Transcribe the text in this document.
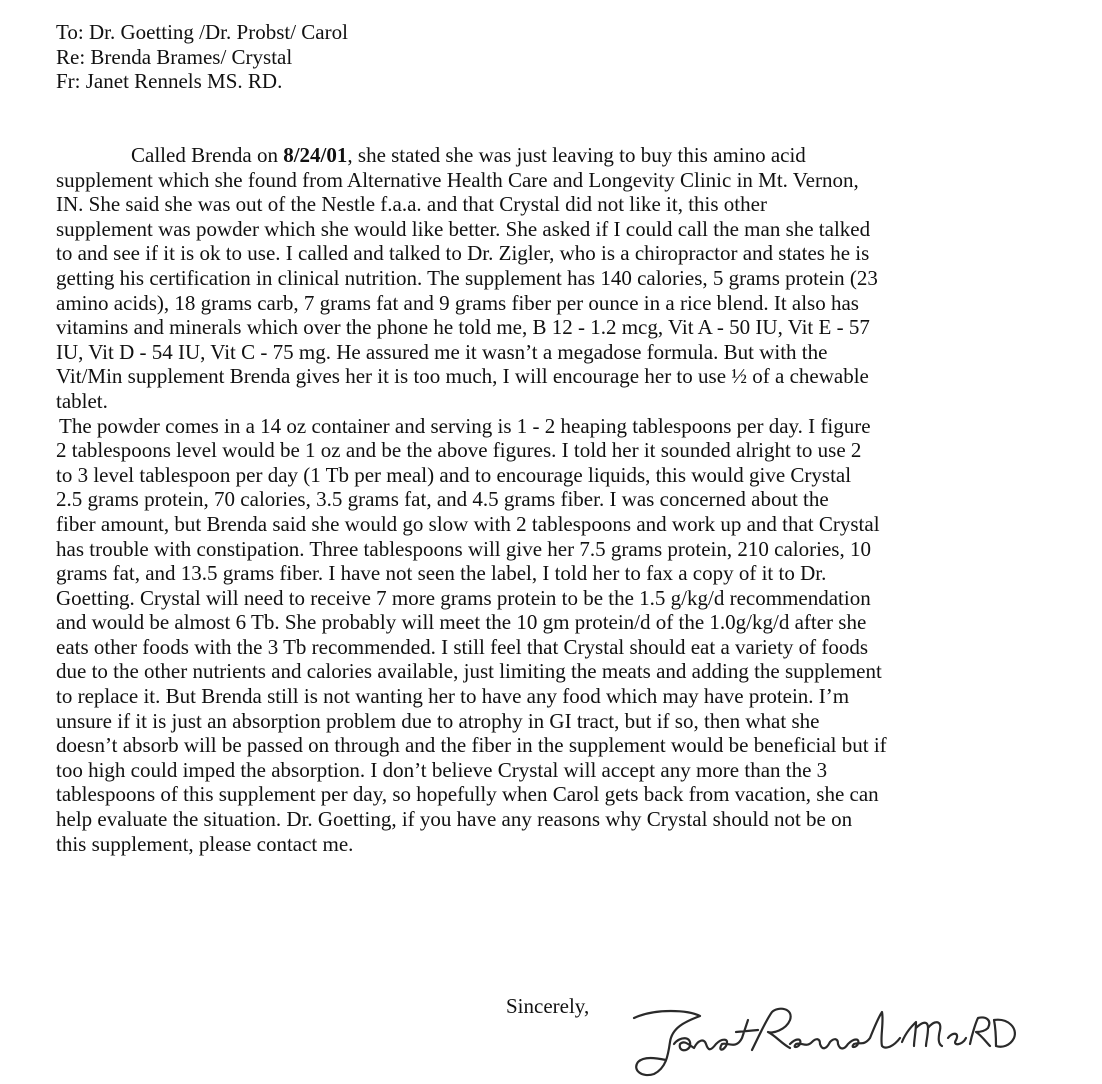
To: Dr. Goetting /Dr. Probst/ Carol
Re: Brenda Brames/ Crystal
Fr: Janet Rennels MS. RD.
Called Brenda on 8/24/01, she stated she was just leaving to buy this amino acid
supplement which she found from Alternative Health Care and Longevity Clinic in Mt. Vernon,
IN. She said she was out of the Nestle f.a.a. and that Crystal did not like it, this other
supplement was powder which she would like better. She asked if I could call the man she talked
to and see if it is ok to use. I called and talked to Dr. Zigler, who is a chiropractor and states he is
getting his certification in clinical nutrition. The supplement has 140 calories, 5 grams protein (23
amino acids), 18 grams carb, 7 grams fat and 9 grams fiber per ounce in a rice blend. It also has
vitamins and minerals which over the phone he told me, B 12 - 1.2 mcg, Vit A - 50 IU, Vit E - 57
IU, Vit D - 54 IU, Vit C - 75 mg. He assured me it wasn’t a megadose formula. But with the
Vit/Min supplement Brenda gives her it is too much, I will encourage her to use ½ of a chewable
tablet.
The powder comes in a 14 oz container and serving is 1 - 2 heaping tablespoons per day. I figure
2 tablespoons level would be 1 oz and be the above figures. I told her it sounded alright to use 2
to 3 level tablespoon per day (1 Tb per meal) and to encourage liquids, this would give Crystal
2.5 grams protein, 70 calories, 3.5 grams fat, and 4.5 grams fiber. I was concerned about the
fiber amount, but Brenda said she would go slow with 2 tablespoons and work up and that Crystal
has trouble with constipation. Three tablespoons will give her 7.5 grams protein, 210 calories, 10
grams fat, and 13.5 grams fiber. I have not seen the label, I told her to fax a copy of it to Dr.
Goetting. Crystal will need to receive 7 more grams protein to be the 1.5 g/kg/d recommendation
and would be almost 6 Tb. She probably will meet the 10 gm protein/d of the 1.0g/kg/d after she
eats other foods with the 3 Tb recommended. I still feel that Crystal should eat a variety of foods
due to the other nutrients and calories available, just limiting the meats and adding the supplement
to replace it. But Brenda still is not wanting her to have any food which may have protein. I’m
unsure if it is just an absorption problem due to atrophy in GI tract, but if so, then what she
doesn’t absorb will be passed on through and the fiber in the supplement would be beneficial but if
too high could imped the absorption. I don’t believe Crystal will accept any more than the 3
tablespoons of this supplement per day, so hopefully when Carol gets back from vacation, she can
help evaluate the situation. Dr. Goetting, if you have any reasons why Crystal should not be on
this supplement, please contact me.
Sincerely,
